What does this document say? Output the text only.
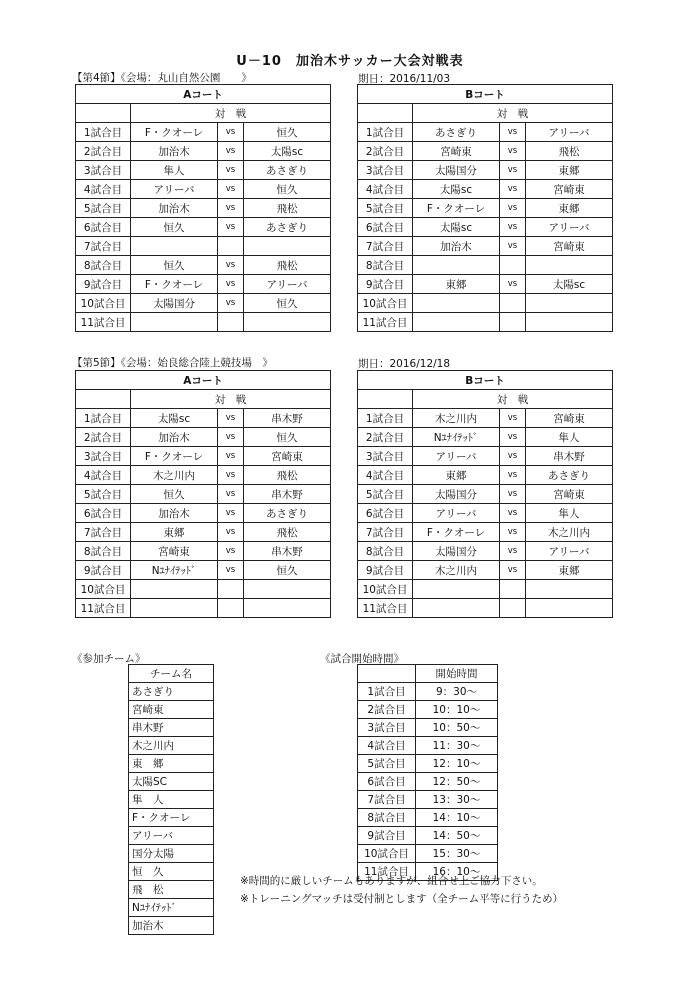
U－10　加治木サッカー大会対戦表
【第4節】《会場：丸山自然公園　　》	期日：2016/11/03
Aコート			
	対　戦		
1試合目	F・クオーレ	vs	恒久
2試合目	加治木	vs	太陽sc
3試合目	隼人	vs	あさぎり
4試合目	アリーバ	vs	恒久
5試合目	加治木	vs	飛松
6試合目	恒久	vs	あさぎり
7試合目			
8試合目	恒久	vs	飛松
9試合目	F・クオーレ	vs	アリーバ
10試合目	太陽国分	vs	恒久
11試合目			
Bコート			
	対　戦		
1試合目	あさぎり	vs	アリーバ
2試合目	宮崎東	vs	飛松
3試合目	太陽国分	vs	東郷
4試合目	太陽sc	vs	宮崎東
5試合目	F・クオーレ	vs	東郷
6試合目	太陽sc	vs	アリーバ
7試合目	加治木	vs	宮崎東
8試合目			
9試合目	東郷	vs	太陽sc
10試合目			
11試合目			
【第5節】《会場：始良総合陸上競技場　》	期日：2016/12/18
Aコート			
	対　戦		
1試合目	太陽sc	vs	串木野
2試合目	加治木	vs	恒久
3試合目	F・クオーレ	vs	宮崎東
4試合目	木之川内	vs	飛松
5試合目	恒久	vs	串木野
6試合目	加治木	vs	あさぎり
7試合目	東郷	vs	飛松
8試合目	宮崎東	vs	串木野
9試合目	Nﾕﾅｲﾃｯﾄﾞ	vs	恒久
10試合目			
11試合目			
Bコート			
	対　戦		
1試合目	木之川内	vs	宮崎東
2試合目	Nﾕﾅｲﾃｯﾄﾞ	vs	隼人
3試合目	アリーバ	vs	串木野
4試合目	東郷	vs	あさぎり
5試合目	太陽国分	vs	宮崎東
6試合目	アリーバ	vs	隼人
7試合目	F・クオーレ	vs	木之川内
8試合目	太陽国分	vs	アリーバ
9試合目	木之川内	vs	東郷
10試合目			
11試合目			
《参加チーム》
チーム名
あさぎり
宮崎東
串木野
木之川内
東　郷
太陽SC
隼　人
F・クオーレ
アリーバ
国分太陽
恒　久
飛　松
Nﾕﾅｲﾃｯﾄﾞ
加治木
《試合開始時間》
	開始時間
1試合目	9：30～
2試合目	10：10～
3試合目	10：50～
4試合目	11：30～
5試合目	12：10～
6試合目	12：50～
7試合目	13：30～
8試合目	14：10～
9試合目	14：50～
10試合目	15：30～
11試合目	16：10～
※時間的に厳しいチームもありますが、組合せ上ご協力下さい。
※トレーニングマッチは受付制とします（全チーム平等に行うため）
